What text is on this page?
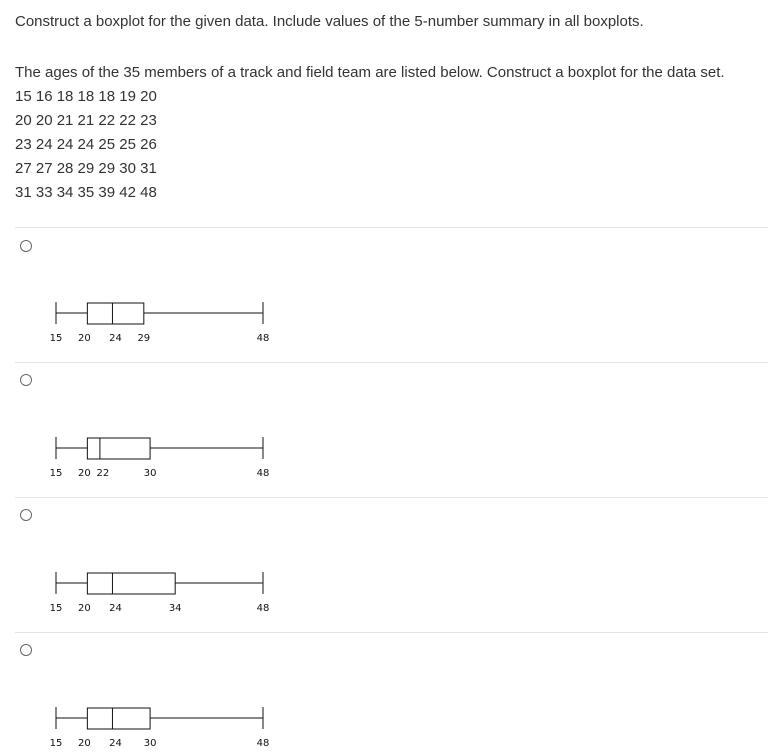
Construct a boxplot for the given data. Include values of the 5-number summary in all boxplots.
The ages of the 35 members of a track and field team are listed below. Construct a boxplot for the data set.
15 16 18 18 18 19 20
20 20 21 21 22 22 23
23 24 24 24 25 25 26
27 27 28 29 29 30 31
31 33 34 35 39 42 48
15 20 24 29	48
15 20 22	30	48
15 20 24	34	48
15 20 24 30	48
